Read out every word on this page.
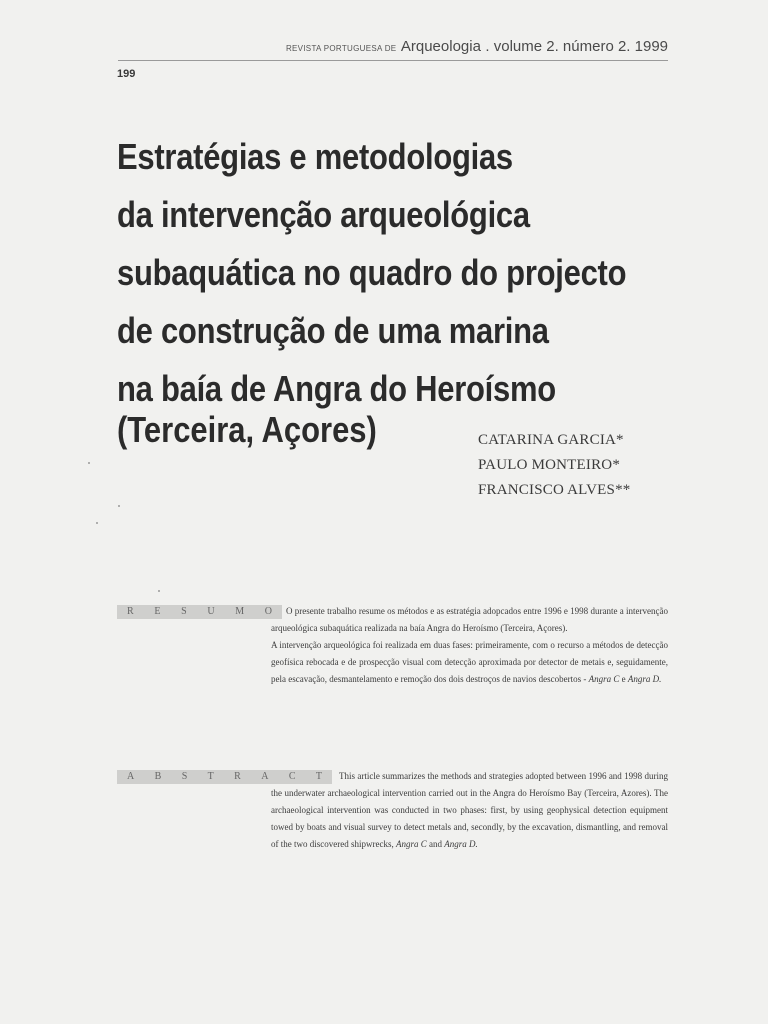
REVISTA PORTUGUESA DE Arqueologia . volume 2. número 2. 1999
199
Estratégias e metodologias
da intervenção arqueológica
subaquática no quadro do projecto
de construção de uma marina
na baía de Angra do Heroísmo
(Terceira, Açores)	CATARINA GARCIA*
PAULO MONTEIRO*
FRANCISCO ALVES**
R E S U M O	O presente trabalho resume os métodos e as estratégia adopcados entre 1996 e 1998 durante a intervenção arqueológica subaquática realizada na baía Angra do Heroísmo (Terceira, Açores).

A intervenção arqueológica foi realizada em duas fases: primeiramente, com o recurso a métodos de detecção geofísica rebocada e de prospecção visual com detecção aproximada por detector de metais e, seguidamente, pela escavação, desmantelamento e remoção dos dois destroços de navios descobertos - Angra C e Angra D.

A B S T R A C T	This article summarizes the methods and strategies adopted between 1996 and 1998 during the underwater archaeological intervention carried out in the Angra do Heroísmo Bay (Terceira, Azores). The archaeological intervention was conducted in two phases: first, by using geophysical detection equipment towed by boats and visual survey to detect metals and, secondly, by the excavation, dismantling, and removal of the two discovered shipwrecks, Angra C and Angra D.
